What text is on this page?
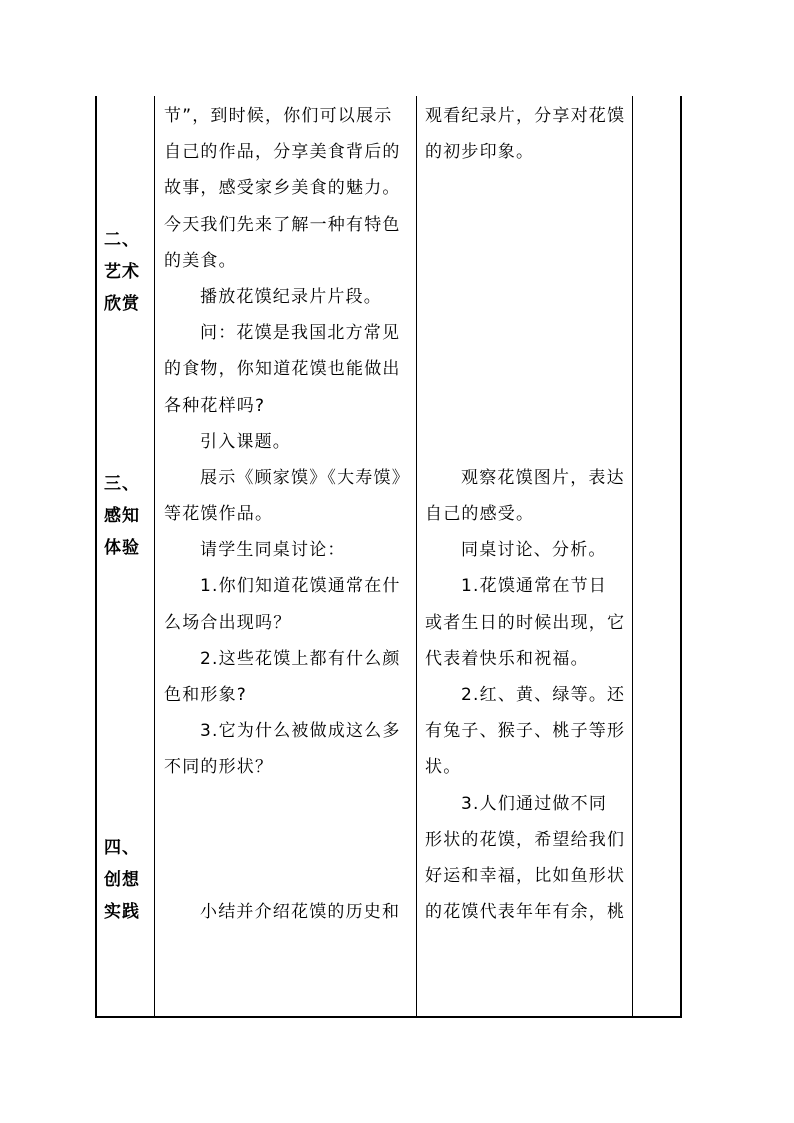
二、
艺术
欣赏
三、
感知
体验
四、
创想
实践
节”，到时候，你们可以展示
自己的作品，分享美食背后的
故事，感受家乡美食的魅力。
今天我们先来了解一种有特色
的美食。
播放花馍纪录片片段。
问：花馍是我国北方常见
的食物，你知道花馍也能做出
各种花样吗?
引入课题。
展示《顾家馍》《大寿馍》
等花馍作品。
请学生同桌讨论：
1.你们知道花馍通常在什
么场合出现吗？
2.这些花馍上都有什么颜
色和形象?
3.它为什么被做成这么多
不同的形状？
小结并介绍花馍的历史和
观看纪录片，分享对花馍
的初步印象。
观察花馍图片，表达
自己的感受。
同桌讨论、分析。
1.花馍通常在节日
或者生日的时候出现，它
代表着快乐和祝福。
2.红、黄、绿等。还
有兔子、猴子、桃子等形
状。
3.人们通过做不同
形状的花馍，希望给我们
好运和幸福，比如鱼形状
的花馍代表年年有余，桃
